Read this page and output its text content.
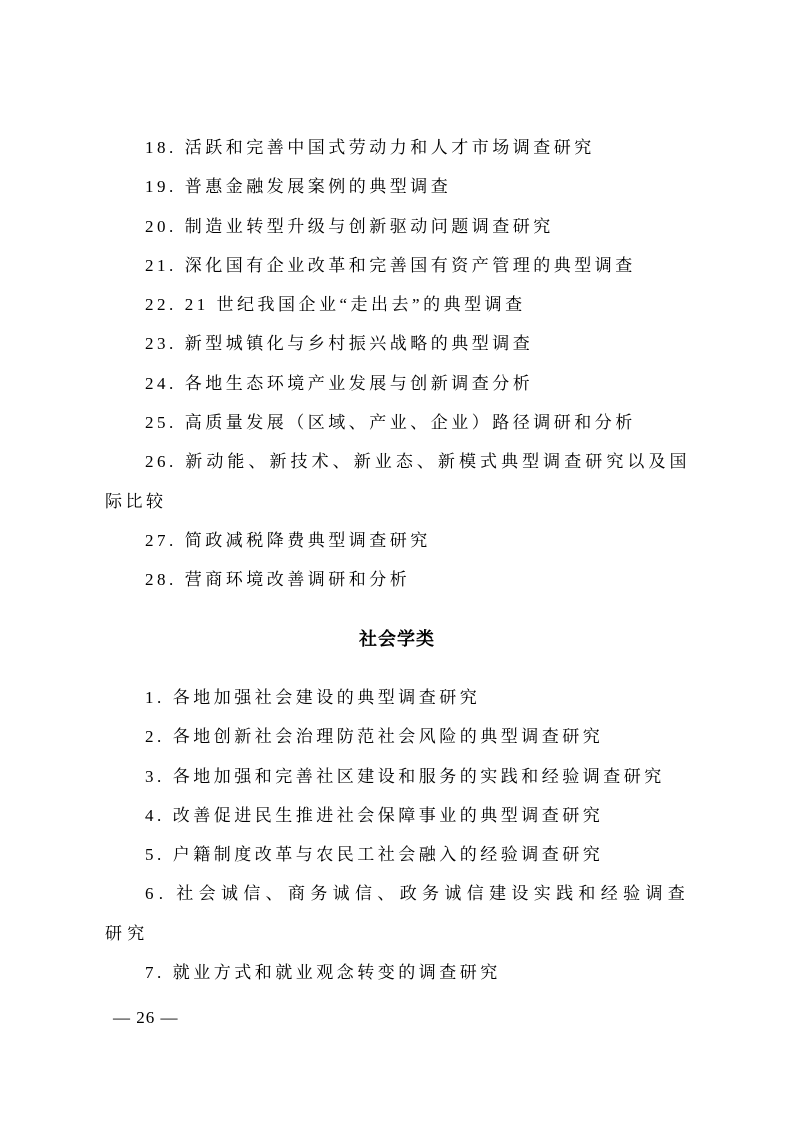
18. 活跃和完善中国式劳动力和人才市场调查研究

19. 普惠金融发展案例的典型调查

20. 制造业转型升级与创新驱动问题调查研究

21. 深化国有企业改革和完善国有资产管理的典型调查

22. 21 世纪我国企业“走出去”的典型调查

23. 新型城镇化与乡村振兴战略的典型调查

24. 各地生态环境产业发展与创新调查分析

25. 高质量发展（区域、产业、企业）路径调研和分析

26. 新动能、新技术、新业态、新模式典型调查研究以及国际比较

27. 简政减税降费典型调查研究

28. 营商环境改善调研和分析

社会学类

1. 各地加强社会建设的典型调查研究

2. 各地创新社会治理防范社会风险的典型调查研究

3. 各地加强和完善社区建设和服务的实践和经验调查研究

4. 改善促进民生推进社会保障事业的典型调查研究

5. 户籍制度改革与农民工社会融入的经验调查研究

6. 社会诚信、商务诚信、政务诚信建设实践和经验调查研究

7. 就业方式和就业观念转变的调查研究

— 26 —
